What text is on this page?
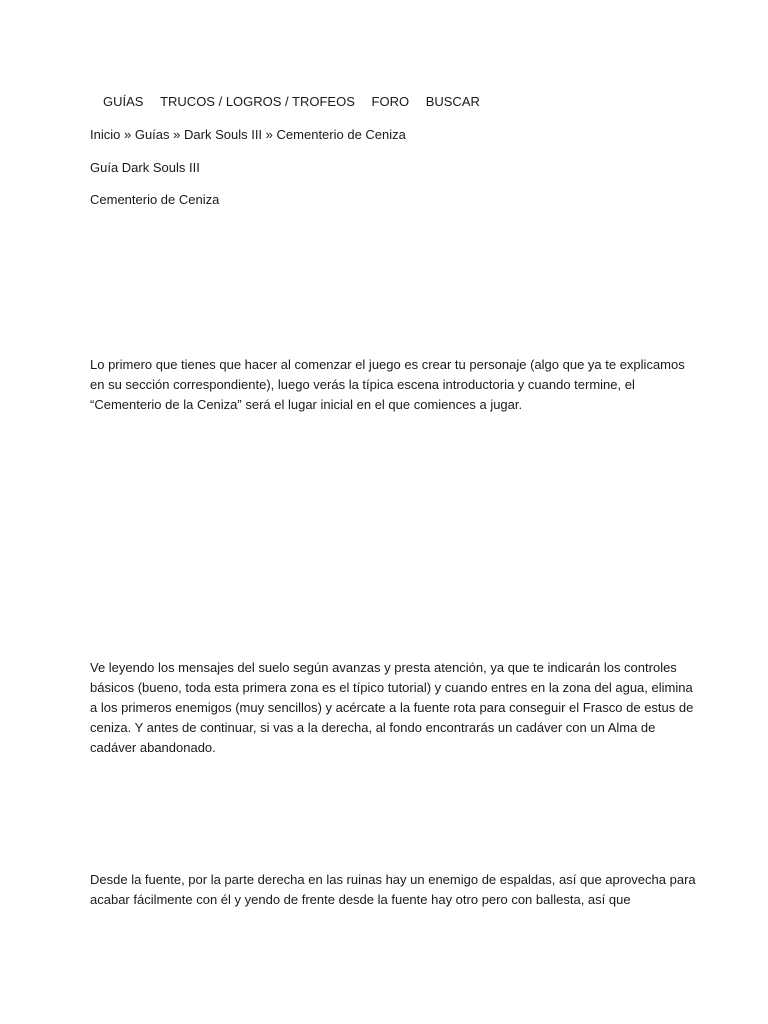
GUÍAS TRUCOS / LOGROS / TROFEOS FORO BUSCAR
Inicio » Guías » Dark Souls III » Cementerio de Ceniza
Guía Dark Souls III
Cementerio de Ceniza
Lo primero que tienes que hacer al comenzar el juego es crear tu personaje (algo que ya te explicamos
en su sección correspondiente), luego verás la típica escena introductoria y cuando termine, el
“Cementerio de la Ceniza” será el lugar inicial en el que comiences a jugar.
Ve leyendo los mensajes del suelo según avanzas y presta atención, ya que te indicarán los controles
básicos (bueno, toda esta primera zona es el típico tutorial) y cuando entres en la zona del agua, elimina
a los primeros enemigos (muy sencillos) y acércate a la fuente rota para conseguir el Frasco de estus de
ceniza. Y antes de continuar, si vas a la derecha, al fondo encontrarás un cadáver con un Alma de
cadáver abandonado.
Desde la fuente, por la parte derecha en las ruinas hay un enemigo de espaldas, así que aprovecha para
acabar fácilmente con él y yendo de frente desde la fuente hay otro pero con ballesta, así que
